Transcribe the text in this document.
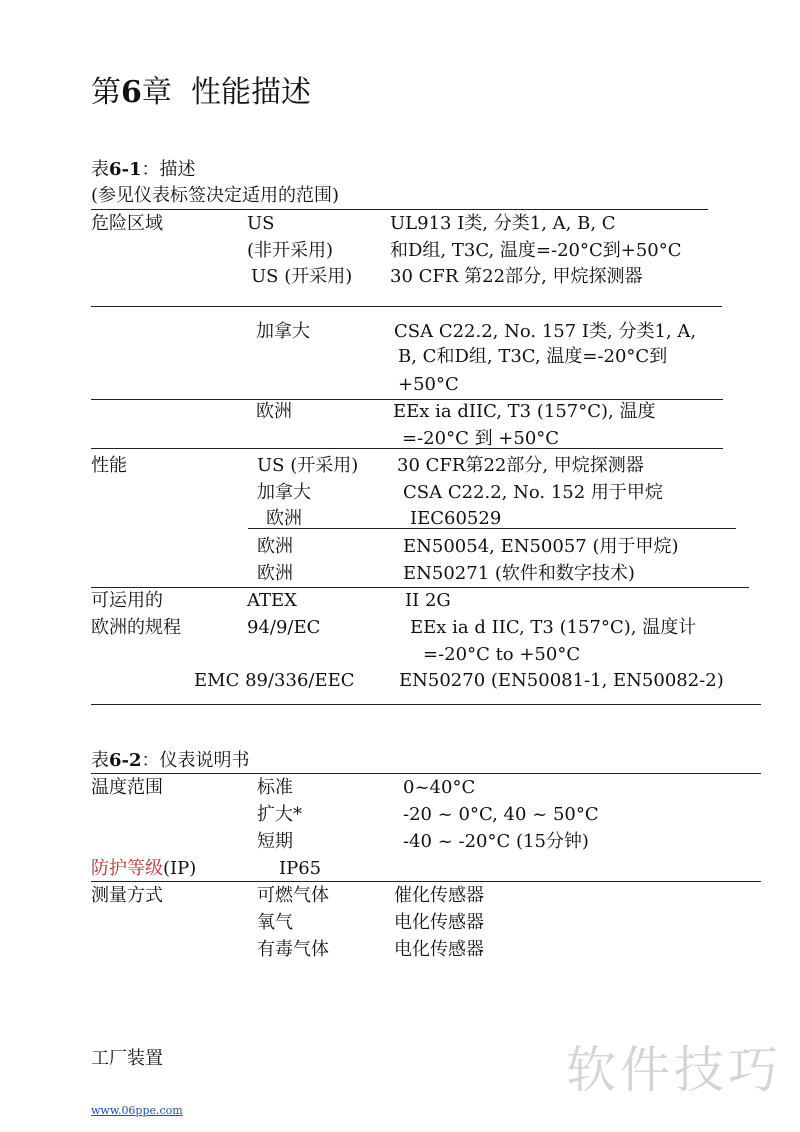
第6章 性能描述
表6-1：描述
(参见仪表标签决定适用的范围)
危险区域	US	UL913 I类, 分类1, A, B, C
(非开采用)	和D组, T3C, 温度=-20°C到+50°C
US (开采用) 30 CFR 第22部分, 甲烷探测器
加拿大	CSA C22.2, No. 157 I类, 分类1, A,
B, C和D组, T3C, 温度=-20°C到
+50°C
欧洲	EEx ia dIIC, T3 (157°C), 温度
=-20°C 到 +50°C
性能	US (开采用) 30 CFR第22部分, 甲烷探测器
加拿大	CSA C22.2, No. 152 用于甲烷
欧洲	IEC60529
欧洲	EN50054, EN50057 (用于甲烷)
欧洲	EN50271 (软件和数字技术)
可运用的	ATEX	II 2G
欧洲的规程	94/9/EC	EEx ia d IIC, T3 (157°C), 温度计
=-20°C to +50°C
EMC 89/336/EEC EN50270 (EN50081-1, EN50082-2)
表6-2：仪表说明书
温度范围	标准	0~40°C
扩大*	-20 ~ 0°C, 40 ~ 50°C
短期	-40 ~ -20°C (15分钟)
防护等级(IP)	IP65
测量方式	可燃气体	催化传感器
氧气	电化传感器
有毒气体	电化传感器
工厂装置	软件技巧
www.06ppe.com
